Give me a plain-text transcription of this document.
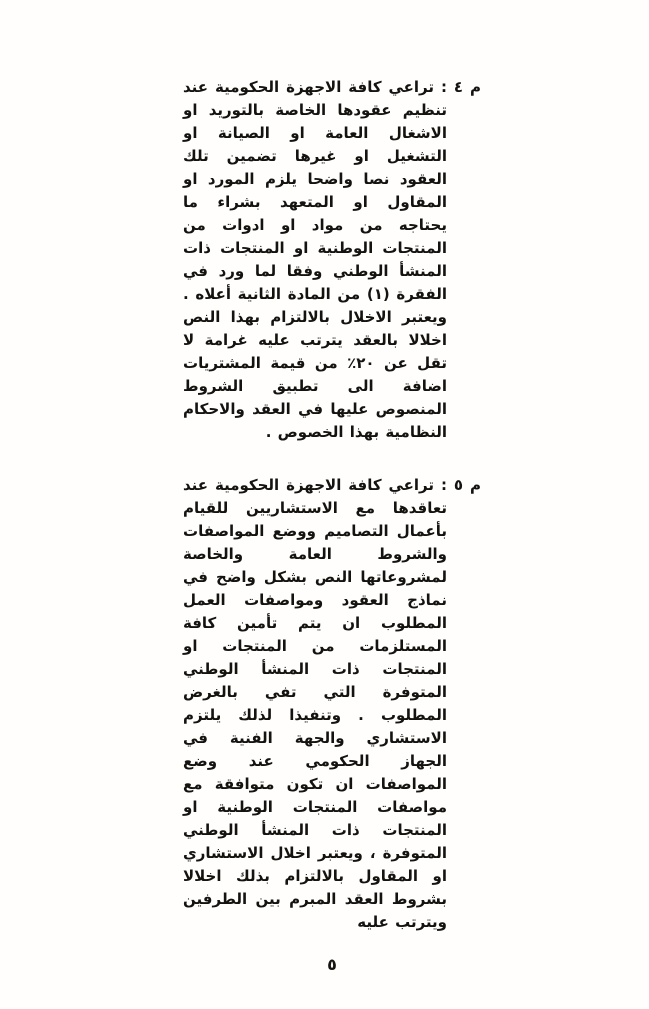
م ٤ : تراعي كافة الاجهزة الحكومية عند تنظيم عقودها الخاصة بالتوريد او الاشغال العامة او الصيانة او التشغيل او غيرها تضمين تلك العقود نصا واضحا يلزم المورد او المقاول او المتعهد بشراء ما يحتاجه من مواد او ادوات من المنتجات الوطنية او المنتجات ذات المنشأ الوطني وفقا لما ورد في الفقرة (١) من المادة الثانية أعلاه . ويعتبر الاخلال بالالتزام بهذا النص اخلالا بالعقد يترتب عليه غرامة لا تقل عن ٢٠٪ من قيمة المشتريات اضافة الى تطبيق الشروط المنصوص عليها في العقد والاحكام النظامية بهذا الخصوص .

م ٥ : تراعي كافة الاجهزة الحكومية عند تعاقدها مع الاستشاريين للقيام بأعمال التصاميم ووضع المواصفات والشروط العامة والخاصة لمشروعاتها النص بشكل واضح في نماذج العقود ومواصفات العمل المطلوب ان يتم تأمين كافة المستلزمات من المنتجات او المنتجات ذات المنشأ الوطني المتوفرة التي تفي بالغرض المطلوب . وتنفيذا لذلك يلتزم الاستشاري والجهة الفنية في الجهاز الحكومي عند وضع المواصفات ان تكون متوافقة مع مواصفات المنتجات الوطنية او المنتجات ذات المنشأ الوطني المتوفرة ، ويعتبر اخلال الاستشاري او المقاول بالالتزام بذلك اخلالا بشروط العقد المبرم بين الطرفين ويترتب عليه

٥
